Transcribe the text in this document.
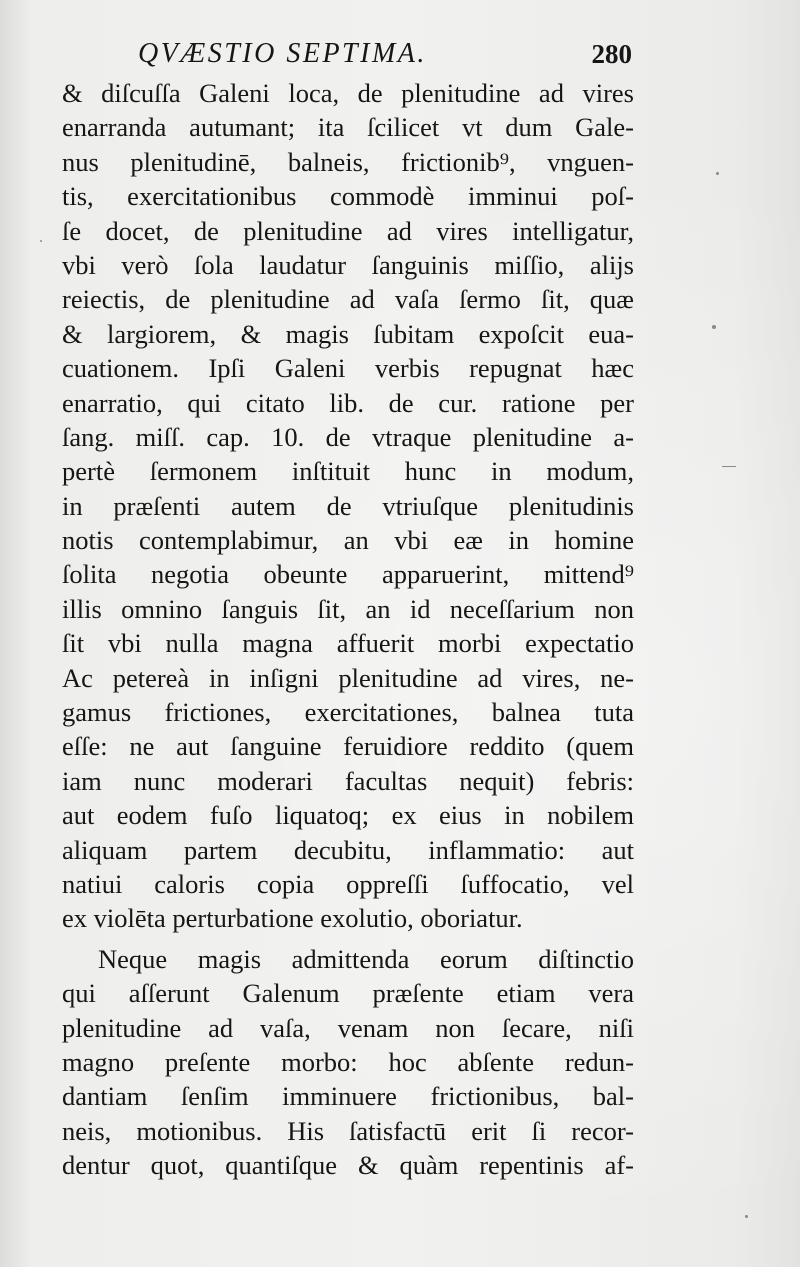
QVÆSTIO SEPTIMA.	280
& diſcuſſa Galeni loca, de plenitudine ad vires
enarranda autumant; ita ſcilicet vt dum Gale-
nus plenitudinē, balneis, frictionib⁹, vnguen-
tis, exercitationibus commodè imminui poſ-
ſe docet, de plenitudine ad vires intelligatur,
vbi verò ſola laudatur ſanguinis miſſio, alijs
reiectis, de plenitudine ad vaſa ſermo ſit, quæ
& largiorem, & magis ſubitam expoſcit eua-
cuationem. Ipſi Galeni verbis repugnat hæc
enarratio, qui citato lib. de cur. ratione per
ſang. miſſ. cap. 10. de vtraque plenitudine a-
pertè ſermonem inſtituit hunc in modum,
in præſenti autem de vtriuſque plenitudinis
notis contemplabimur, an vbi eæ in homine
ſolita negotia obeunte apparuerint, mittend⁹
illis omnino ſanguis ſit, an id neceſſarium non
ſit vbi nulla magna affuerit morbi expectatio
Ac petereà in inſigni plenitudine ad vires, ne-
gamus frictiones, exercitationes, balnea tuta
eſſe: ne aut ſanguine feruidiore reddito (quem
iam nunc moderari facultas nequit) febris:
aut eodem fuſo liquatoq; ex eius in nobilem
aliquam partem decubitu, inflammatio: aut
natiui caloris copia oppreſſi ſuffocatio, vel
ex violēta perturbatione exolutio, oboriatur.
Neque magis admittenda eorum diſtinctio
qui aſſerunt Galenum præſente etiam vera
plenitudine ad vaſa, venam non ſecare, niſi
magno preſente morbo: hoc abſente redun-
dantiam ſenſim imminuere frictionibus, bal-
neis, motionibus. His ſatisfactū erit ſi recor-
dentur quot, quantiſque & quàm repentinis af-
